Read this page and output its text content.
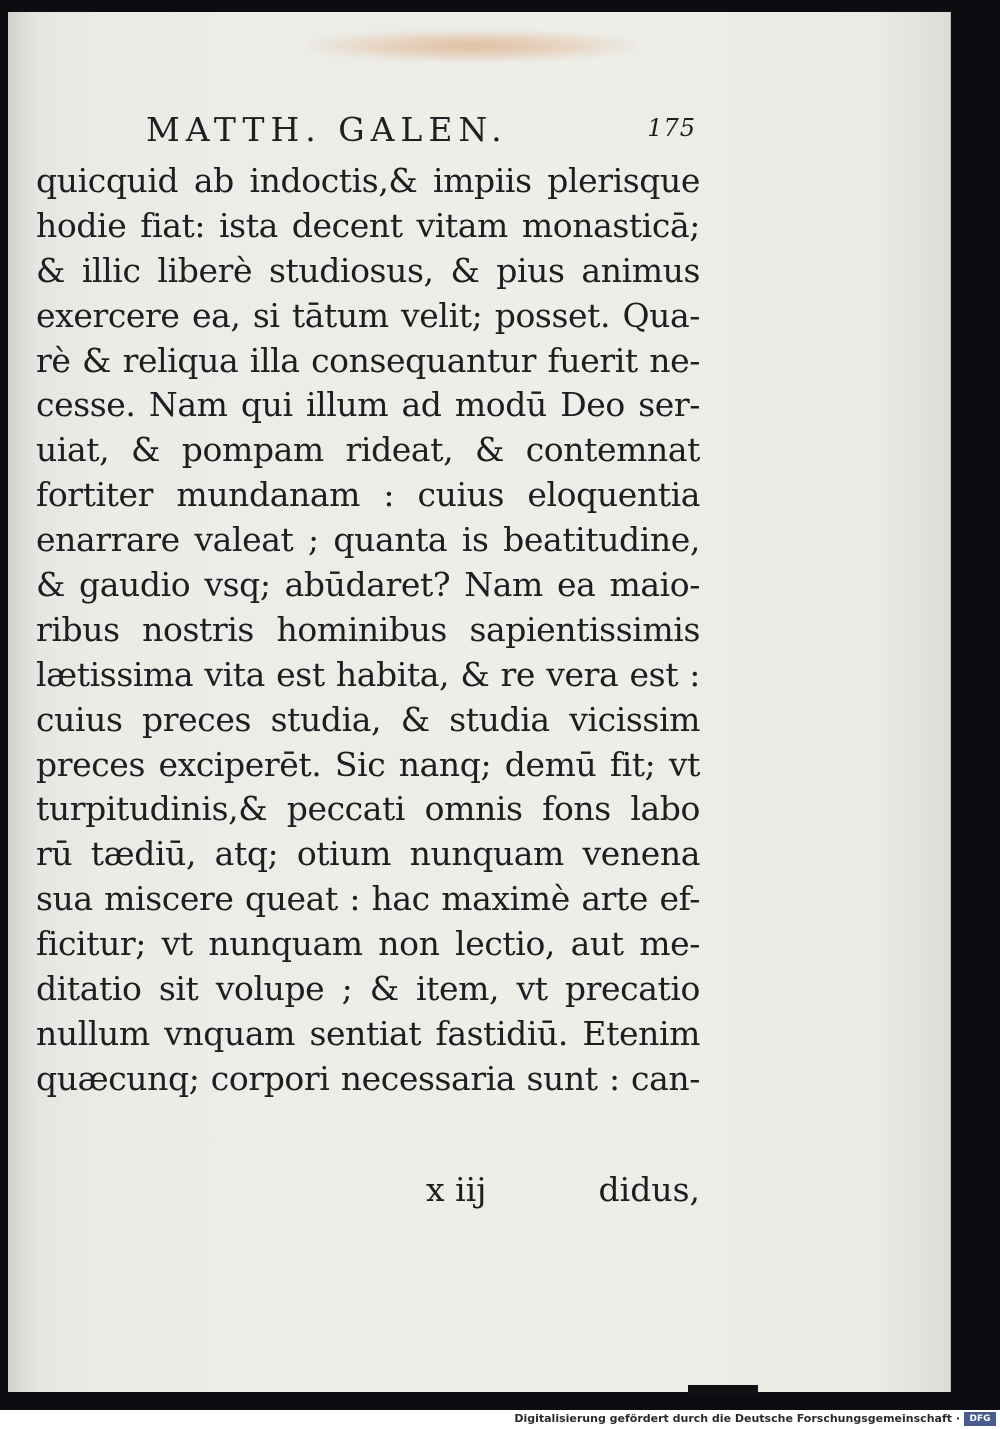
MATTH. GALEN.	175
quicquid ab indoctis,& impiis plerisque
hodie fiat: ista decent vitam monasticā;
& illic liberè studiosus, & pius animus
exercere ea, si tātum velit; posset. Qua-
rè & reliqua illa consequantur fuerit ne-
cesse. Nam qui illum ad modū Deo ser-
uiat, & pompam rideat, & contemnat
fortiter mundanam : cuius eloquentia
enarrare valeat ; quanta is beatitudine,
& gaudio vsq; abūdaret? Nam ea maio-
ribus nostris hominibus sapientissimis
lætissima vita est habita, & re vera est :
cuius preces studia, & studia vicissim
preces exciperēt. Sic nanq; demū fit; vt
turpitudinis,& peccati omnis fons labo
rū tædiū, atq; otium nunquam venena
sua miscere queat : hac maximè arte ef-
ficitur; vt nunquam non lectio, aut me-
ditatio sit volupe ; & item, vt precatio
nullum vnquam sentiat fastidiū. Etenim
quæcunq; corpori necessaria sunt : can-
x iij	didus,
Digitalisierung gefördert durch die Deutsche Forschungsgemeinschaft ·	DFG
